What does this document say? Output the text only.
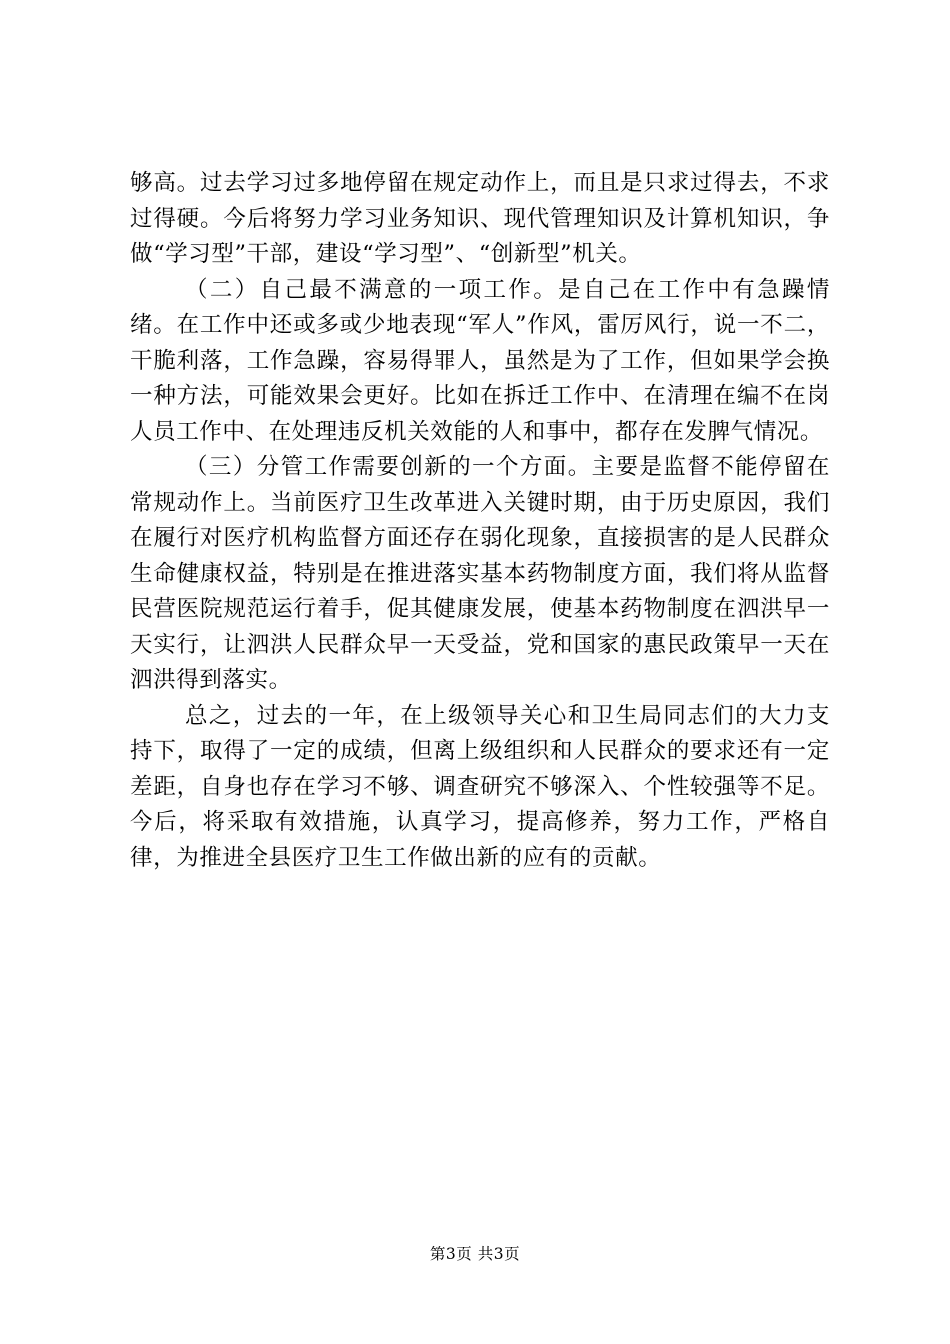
够高。过去学习过多地停留在规定动作上，而且是只求过得去，不求过得硬。今后将努力学习业务知识、现代管理知识及计算机知识，争做“学习型”干部，建设“学习型”、“创新型”机关。

（二）自己最不满意的一项工作。是自己在工作中有急躁情绪。在工作中还或多或少地表现“军人”作风，雷厉风行，说一不二，干脆利落，工作急躁，容易得罪人，虽然是为了工作，但如果学会换一种方法，可能效果会更好。比如在拆迁工作中、在清理在编不在岗人员工作中、在处理违反机关效能的人和事中，都存在发脾气情况。

（三）分管工作需要创新的一个方面。主要是监督不能停留在常规动作上。当前医疗卫生改革进入关键时期，由于历史原因，我们在履行对医疗机构监督方面还存在弱化现象，直接损害的是人民群众生命健康权益，特别是在推进落实基本药物制度方面，我们将从监督民营医院规范运行着手，促其健康发展，使基本药物制度在泗洪早一天实行，让泗洪人民群众早一天受益，党和国家的惠民政策早一天在泗洪得到落实。

总之，过去的一年，在上级领导关心和卫生局同志们的大力支持下，取得了一定的成绩，但离上级组织和人民群众的要求还有一定差距，自身也存在学习不够、调查研究不够深入、个性较强等不足。今后，将采取有效措施，认真学习，提高修养，努力工作，严格自律，为推进全县医疗卫生工作做出新的应有的贡献。

第3页 共3页
